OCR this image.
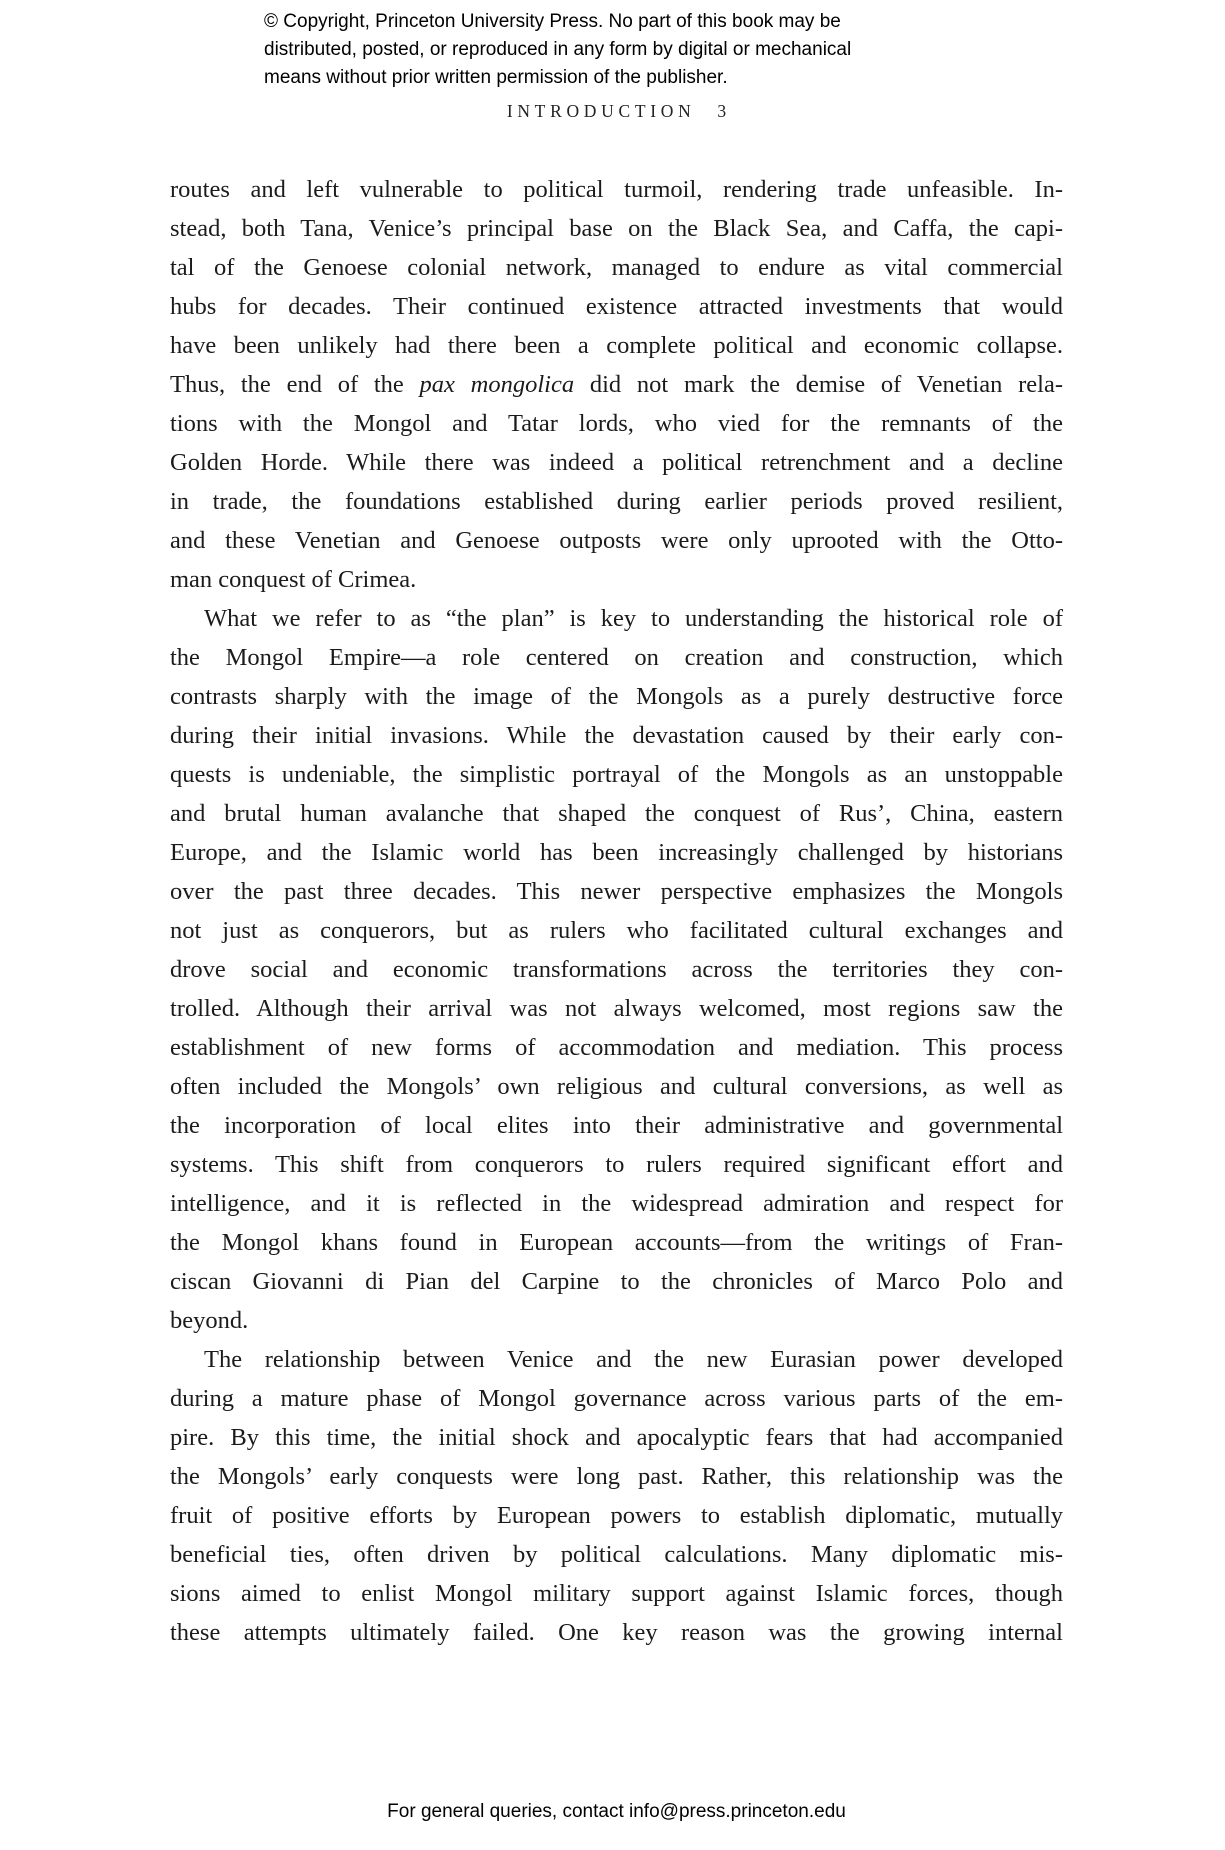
© Copyright, Princeton University Press. No part of this book may be
distributed, posted, or reproduced in any form by digital or mechanical
means without prior written permission of the publisher.
INTRODUCTION 3
routes and left vulnerable to political turmoil, rendering trade unfeasible. In-
stead, both Tana, Venice’s principal base on the Black Sea, and Caffa, the capi-
tal of the Genoese colonial network, managed to endure as vital commercial
hubs for decades. Their continued existence attracted investments that would
have been unlikely had there been a complete political and economic collapse.
Thus, the end of the pax mongolica did not mark the demise of Venetian rela-
tions with the Mongol and Tatar lords, who vied for the remnants of the
Golden Horde. While there was indeed a political retrenchment and a decline
in trade, the foundations established during earlier periods proved resilient,
and these Venetian and Genoese outposts were only uprooted with the Otto-
man conquest of Crimea.
What we refer to as “the plan” is key to understanding the historical role of
the Mongol Empire—a role centered on creation and construction, which
contrasts sharply with the image of the Mongols as a purely destructive force
during their initial invasions. While the devastation caused by their early con-
quests is undeniable, the simplistic portrayal of the Mongols as an unstoppable
and brutal human avalanche that shaped the conquest of Rus’, China, eastern
Europe, and the Islamic world has been increasingly challenged by historians
over the past three decades. This newer perspective emphasizes the Mongols
not just as conquerors, but as rulers who facilitated cultural exchanges and
drove social and economic transformations across the territories they con-
trolled. Although their arrival was not always welcomed, most regions saw the
establishment of new forms of accommodation and mediation. This process
often included the Mongols’ own religious and cultural conversions, as well as
the incorporation of local elites into their administrative and governmental
systems. This shift from conquerors to rulers required significant effort and
intelligence, and it is reflected in the widespread admiration and respect for
the Mongol khans found in European accounts—from the writings of Fran-
ciscan Giovanni di Pian del Carpine to the chronicles of Marco Polo and
beyond.
The relationship between Venice and the new Eurasian power developed
during a mature phase of Mongol governance across various parts of the em-
pire. By this time, the initial shock and apocalyptic fears that had accompanied
the Mongols’ early conquests were long past. Rather, this relationship was the
fruit of positive efforts by European powers to establish diplomatic, mutually
beneficial ties, often driven by political calculations. Many diplomatic mis-
sions aimed to enlist Mongol military support against Islamic forces, though
these attempts ultimately failed. One key reason was the growing internal
For general queries, contact info@press.princeton.edu
